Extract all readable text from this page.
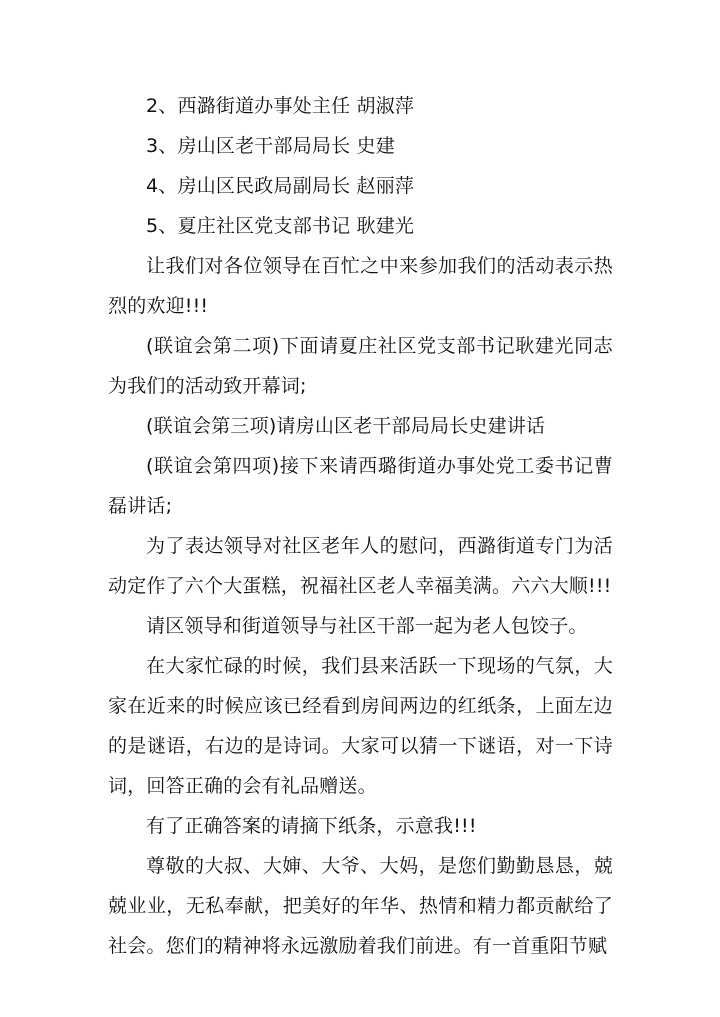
2、西潞街道办事处主任 胡淑萍

3、房山区老干部局局长 史建

4、房山区民政局副局长 赵丽萍

5、夏庄社区党支部书记 耿建光

让我们对各位领导在百忙之中来参加我们的活动表示热烈的欢迎!!!

(联谊会第二项)下面请夏庄社区党支部书记耿建光同志为我们的活动致开幕词;

(联谊会第三项)请房山区老干部局局长史建讲话

(联谊会第四项)接下来请西璐街道办事处党工委书记曹磊讲话;

为了表达领导对社区老年人的慰问，西潞街道专门为活动定作了六个大蛋糕，祝福社区老人幸福美满。六六大顺!!!

请区领导和街道领导与社区干部一起为老人包饺子。

在大家忙碌的时候，我们县来活跃一下现场的气氛，大家在近来的时候应该已经看到房间两边的红纸条，上面左边的是谜语，右边的是诗词。大家可以猜一下谜语，对一下诗词，回答正确的会有礼品赠送。

有了正确答案的请摘下纸条，示意我!!!

尊敬的大叔、大婶、大爷、大妈，是您们勤勤恳恳，兢兢业业，无私奉献，把美好的年华、热情和精力都贡献给了社会。您们的精神将永远激励着我们前进。有一首重阳节赋
